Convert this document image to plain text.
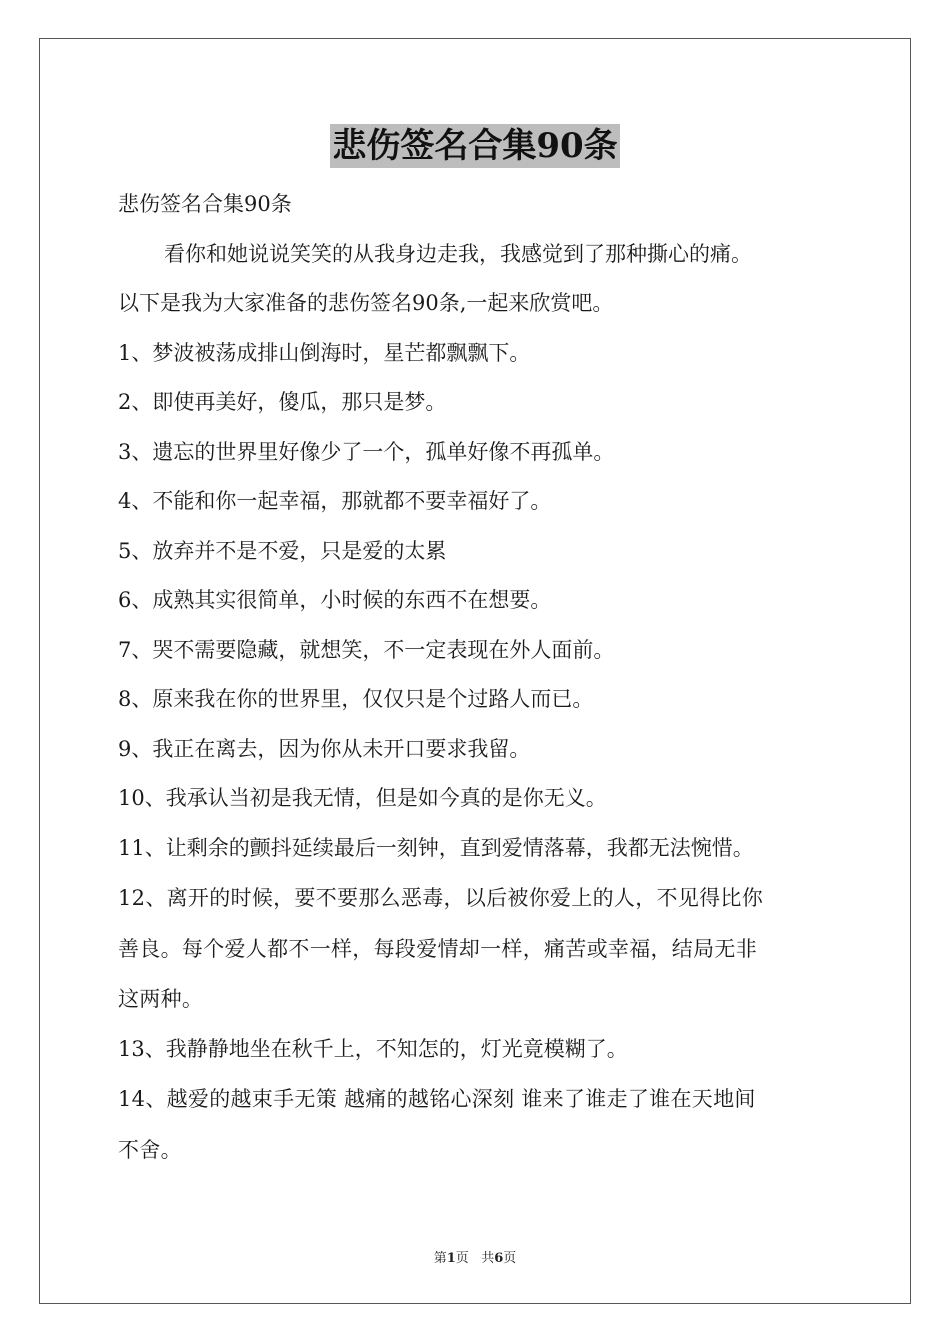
悲伤签名合集90条

悲伤签名合集90条

看你和她说说笑笑的从我身边走我，我感觉到了那种撕心的痛。

以下是我为大家准备的悲伤签名90条,一起来欣赏吧。

1、梦波被荡成排山倒海时，星芒都飘飘下。

2、即使再美好，傻瓜，那只是梦。

3、遗忘的世界里好像少了一个，孤单好像不再孤单。

4、不能和你一起幸福，那就都不要幸福好了。

5、放弃并不是不爱，只是爱的太累

6、成熟其实很简单，小时候的东西不在想要。

7、哭不需要隐藏，就想笑，不一定表现在外人面前。

8、原来我在你的世界里，仅仅只是个过路人而已。

9、我正在离去，因为你从未开口要求我留。

10、我承认当初是我无情，但是如今真的是你无义。

11、让剩余的颤抖延续最后一刻钟，直到爱情落幕，我都无法惋惜。

12、离开的时候，要不要那么恶毒，以后被你爱上的人，不见得比你

善良。每个爱人都不一样，每段爱情却一样，痛苦或幸福，结局无非

这两种。

13、我静静地坐在秋千上，不知怎的，灯光竟模糊了。

14、越爱的越束手无策 越痛的越铭心深刻 谁来了谁走了谁在天地间

不舍。

第1页 共6页
